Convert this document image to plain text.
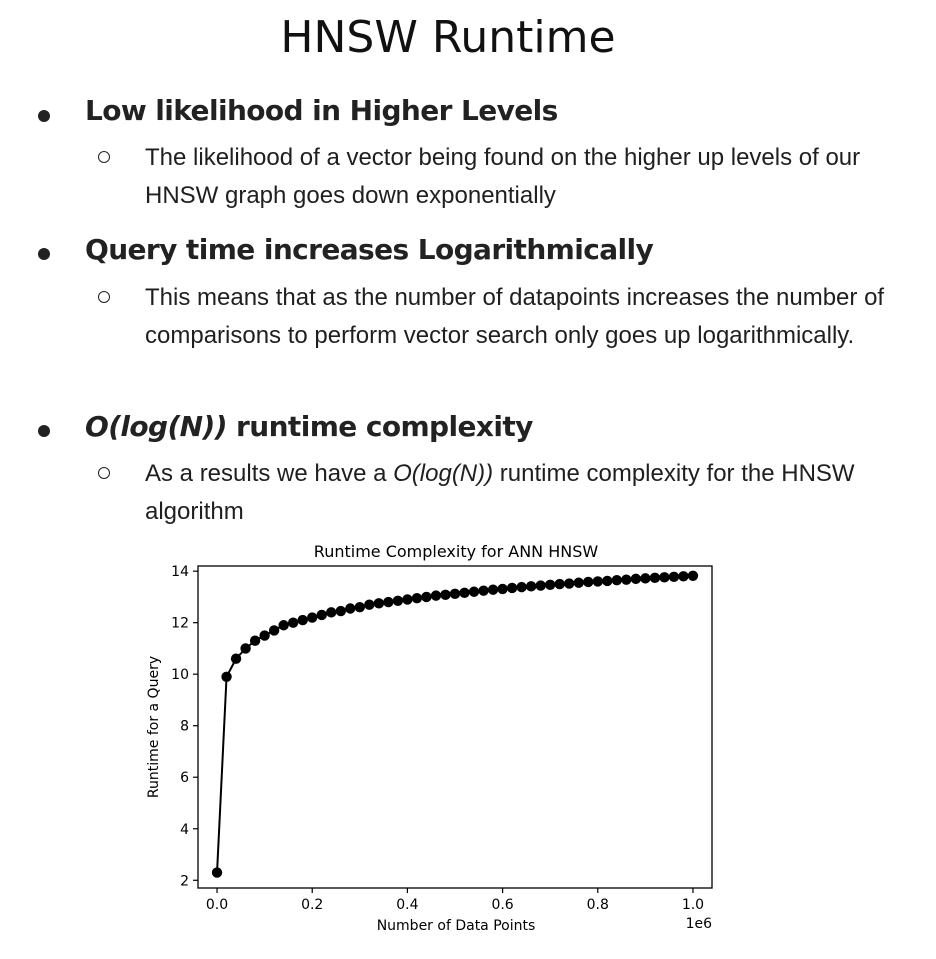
HNSW Runtime
Low likelihood in Higher Levels
The likelihood of a vector being found on the higher up levels of our HNSW graph goes down exponentially
Query time increases Logarithmically
This means that as the number of datapoints increases the number of comparisons to perform vector search only goes up logarithmically.
O(log(N)) runtime complexity
As a results we have a O(log(N)) runtime complexity for the HNSW algorithm
Runtime Complexity for ANN HNSW
2
4
6
8
10
12
14
0.0	0.2	0.4	0.6	0.8	1.0
Number of Data Points
Runtime for a Query
1e6
